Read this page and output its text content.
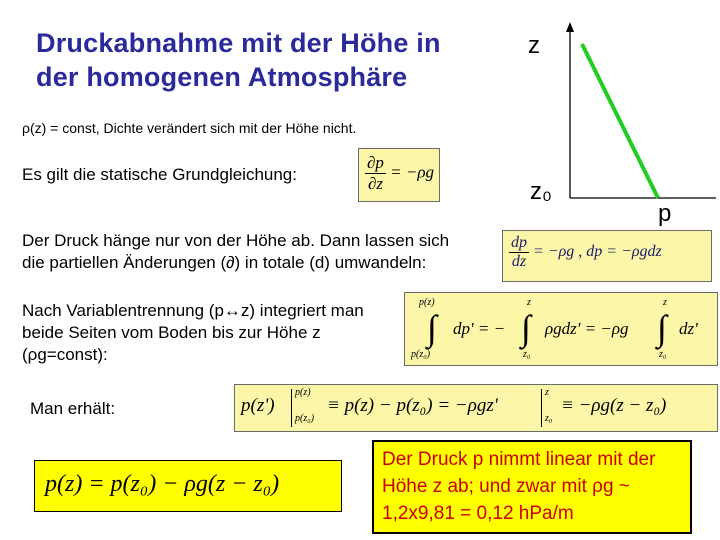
Druckabnahme mit der Höhe in
der homogenen Atmosphäre
z
z₀
p
ρ(z) = const, Dichte verändert sich mit der Höhe nicht.
Es gilt die statische Grundgleichung:	$\frac{\partial p}{\partial z} = -\rho g$
Der Druck hänge nur von der Höhe ab. Dann lassen sich die partiellen Änderungen (∂) in totale (d) umwandeln:	$\frac{dp}{dz} = -\rho g$ , dp = −ρgdz
Nach Variablentrennung (p↔z) integriert man beide Seiten vom Boden bis zur Höhe z (ρg=const):
p(z)
∫
p(z₀)
dp' = −
z
∫
z₀
ρgdz' = −ρg
z
∫
z₀
dz'
Man erhält:	p(z')
p(z)
p(z₀)
≡ p(z) − p(z₀) = −ρgz'
z
z₀
≡ −ρg(z − z₀)
p(z) = p(z₀) − ρg(z − z₀)
Der Druck p nimmt linear mit der Höhe z ab; und zwar mit ρg ~ 1,2x9,81 = 0,12 hPa/m
